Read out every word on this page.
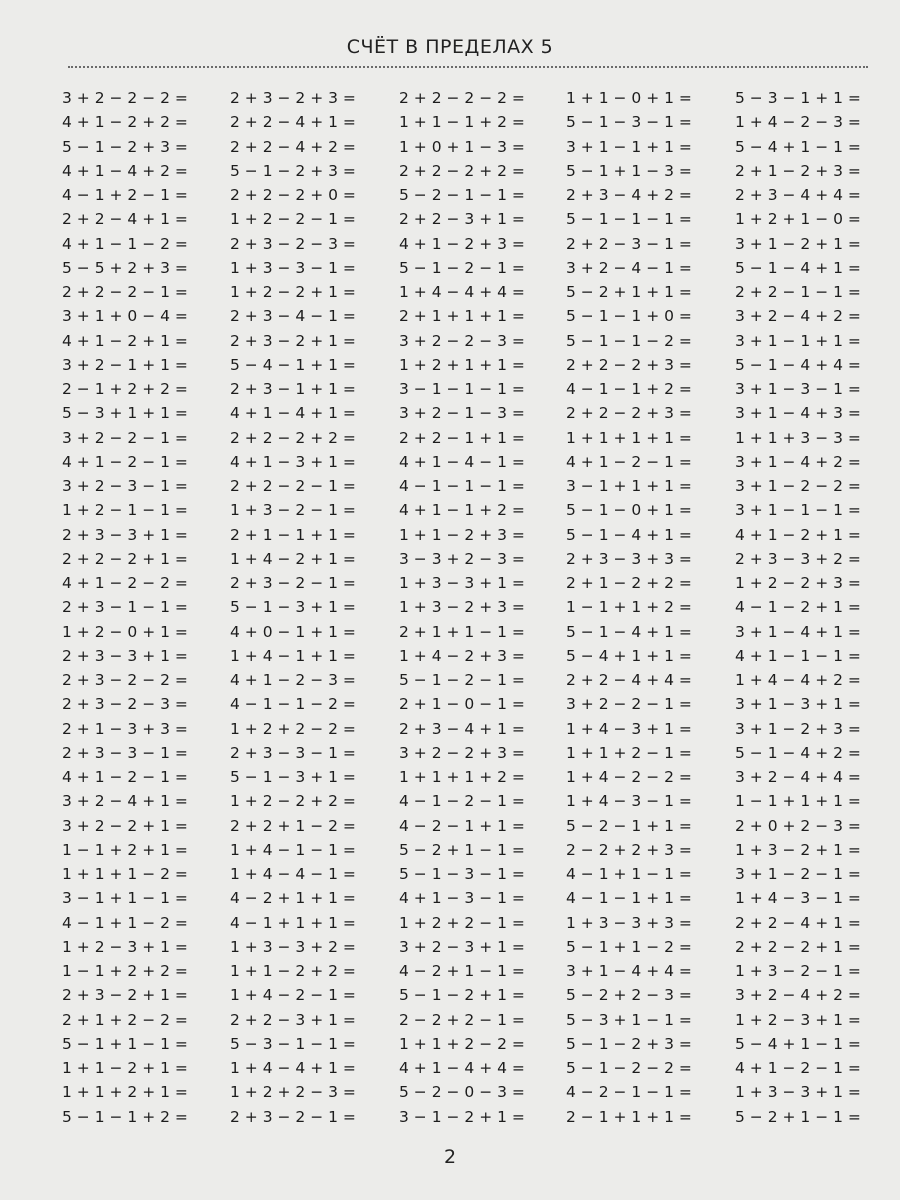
СЧЁТ В ПРЕДЕЛАХ 5
3 + 2 − 2 − 2 =
4 + 1 − 2 + 2 =
5 − 1 − 2 + 3 =
4 + 1 − 4 + 2 =
4 − 1 + 2 − 1 =
2 + 2 − 4 + 1 =
4 + 1 − 1 − 2 =
5 − 5 + 2 + 3 =
2 + 2 − 2 − 1 =
3 + 1 + 0 − 4 =
4 + 1 − 2 + 1 =
3 + 2 − 1 + 1 =
2 − 1 + 2 + 2 =
5 − 3 + 1 + 1 =
3 + 2 − 2 − 1 =
4 + 1 − 2 − 1 =
3 + 2 − 3 − 1 =
1 + 2 − 1 − 1 =
2 + 3 − 3 + 1 =
2 + 2 − 2 + 1 =
4 + 1 − 2 − 2 =
2 + 3 − 1 − 1 =
1 + 2 − 0 + 1 =
2 + 3 − 3 + 1 =
2 + 3 − 2 − 2 =
2 + 3 − 2 − 3 =
2 + 1 − 3 + 3 =
2 + 3 − 3 − 1 =
4 + 1 − 2 − 1 =
3 + 2 − 4 + 1 =
3 + 2 − 2 + 1 =
1 − 1 + 2 + 1 =
1 + 1 + 1 − 2 =
3 − 1 + 1 − 1 =
4 − 1 + 1 − 2 =
1 + 2 − 3 + 1 =
1 − 1 + 2 + 2 =
2 + 3 − 2 + 1 =
2 + 1 + 2 − 2 =
5 − 1 + 1 − 1 =
1 + 1 − 2 + 1 =
1 + 1 + 2 + 1 =
5 − 1 − 1 + 2 =
2 + 3 − 2 + 3 =
2 + 2 − 4 + 1 =
2 + 2 − 4 + 2 =
5 − 1 − 2 + 3 =
2 + 2 − 2 + 0 =
1 + 2 − 2 − 1 =
2 + 3 − 2 − 3 =
1 + 3 − 3 − 1 =
1 + 2 − 2 + 1 =
2 + 3 − 4 − 1 =
2 + 3 − 2 + 1 =
5 − 4 − 1 + 1 =
2 + 3 − 1 + 1 =
4 + 1 − 4 + 1 =
2 + 2 − 2 + 2 =
4 + 1 − 3 + 1 =
2 + 2 − 2 − 1 =
1 + 3 − 2 − 1 =
2 + 1 − 1 + 1 =
1 + 4 − 2 + 1 =
2 + 3 − 2 − 1 =
5 − 1 − 3 + 1 =
4 + 0 − 1 + 1 =
1 + 4 − 1 + 1 =
4 + 1 − 2 − 3 =
4 − 1 − 1 − 2 =
1 + 2 + 2 − 2 =
2 + 3 − 3 − 1 =
5 − 1 − 3 + 1 =
1 + 2 − 2 + 2 =
2 + 2 + 1 − 2 =
1 + 4 − 1 − 1 =
1 + 4 − 4 − 1 =
4 − 2 + 1 + 1 =
4 − 1 + 1 + 1 =
1 + 3 − 3 + 2 =
1 + 1 − 2 + 2 =
1 + 4 − 2 − 1 =
2 + 2 − 3 + 1 =
5 − 3 − 1 − 1 =
1 + 4 − 4 + 1 =
1 + 2 + 2 − 3 =
2 + 3 − 2 − 1 =
2 + 2 − 2 − 2 =
1 + 1 − 1 + 2 =
1 + 0 + 1 − 3 =
2 + 2 − 2 + 2 =
5 − 2 − 1 − 1 =
2 + 2 − 3 + 1 =
4 + 1 − 2 + 3 =
5 − 1 − 2 − 1 =
1 + 4 − 4 + 4 =
2 + 1 + 1 + 1 =
3 + 2 − 2 − 3 =
1 + 2 + 1 + 1 =
3 − 1 − 1 − 1 =
3 + 2 − 1 − 3 =
2 + 2 − 1 + 1 =
4 + 1 − 4 − 1 =
4 − 1 − 1 − 1 =
4 + 1 − 1 + 2 =
1 + 1 − 2 + 3 =
3 − 3 + 2 − 3 =
1 + 3 − 3 + 1 =
1 + 3 − 2 + 3 =
2 + 1 + 1 − 1 =
1 + 4 − 2 + 3 =
5 − 1 − 2 − 1 =
2 + 1 − 0 − 1 =
2 + 3 − 4 + 1 =
3 + 2 − 2 + 3 =
1 + 1 + 1 + 2 =
4 − 1 − 2 − 1 =
4 − 2 − 1 + 1 =
5 − 2 + 1 − 1 =
5 − 1 − 3 − 1 =
4 + 1 − 3 − 1 =
1 + 2 + 2 − 1 =
3 + 2 − 3 + 1 =
4 − 2 + 1 − 1 =
5 − 1 − 2 + 1 =
2 − 2 + 2 − 1 =
1 + 1 + 2 − 2 =
4 + 1 − 4 + 4 =
5 − 2 − 0 − 3 =
3 − 1 − 2 + 1 =
1 + 1 − 0 + 1 =
5 − 1 − 3 − 1 =
3 + 1 − 1 + 1 =
5 − 1 + 1 − 3 =
2 + 3 − 4 + 2 =
5 − 1 − 1 − 1 =
2 + 2 − 3 − 1 =
3 + 2 − 4 − 1 =
5 − 2 + 1 + 1 =
5 − 1 − 1 + 0 =
5 − 1 − 1 − 2 =
2 + 2 − 2 + 3 =
4 − 1 − 1 + 2 =
2 + 2 − 2 + 3 =
1 + 1 + 1 + 1 =
4 + 1 − 2 − 1 =
3 − 1 + 1 + 1 =
5 − 1 − 0 + 1 =
5 − 1 − 4 + 1 =
2 + 3 − 3 + 3 =
2 + 1 − 2 + 2 =
1 − 1 + 1 + 2 =
5 − 1 − 4 + 1 =
5 − 4 + 1 + 1 =
2 + 2 − 4 + 4 =
3 + 2 − 2 − 1 =
1 + 4 − 3 + 1 =
1 + 1 + 2 − 1 =
1 + 4 − 2 − 2 =
1 + 4 − 3 − 1 =
5 − 2 − 1 + 1 =
2 − 2 + 2 + 3 =
4 − 1 + 1 − 1 =
4 − 1 − 1 + 1 =
1 + 3 − 3 + 3 =
5 − 1 + 1 − 2 =
3 + 1 − 4 + 4 =
5 − 2 + 2 − 3 =
5 − 3 + 1 − 1 =
5 − 1 − 2 + 3 =
5 − 1 − 2 − 2 =
4 − 2 − 1 − 1 =
2 − 1 + 1 + 1 =
5 − 3 − 1 + 1 =
1 + 4 − 2 − 3 =
5 − 4 + 1 − 1 =
2 + 1 − 2 + 3 =
2 + 3 − 4 + 4 =
1 + 2 + 1 − 0 =
3 + 1 − 2 + 1 =
5 − 1 − 4 + 1 =
2 + 2 − 1 − 1 =
3 + 2 − 4 + 2 =
3 + 1 − 1 + 1 =
5 − 1 − 4 + 4 =
3 + 1 − 3 − 1 =
3 + 1 − 4 + 3 =
1 + 1 + 3 − 3 =
3 + 1 − 4 + 2 =
3 + 1 − 2 − 2 =
3 + 1 − 1 − 1 =
4 + 1 − 2 + 1 =
2 + 3 − 3 + 2 =
1 + 2 − 2 + 3 =
4 − 1 − 2 + 1 =
3 + 1 − 4 + 1 =
4 + 1 − 1 − 1 =
1 + 4 − 4 + 2 =
3 + 1 − 3 + 1 =
3 + 1 − 2 + 3 =
5 − 1 − 4 + 2 =
3 + 2 − 4 + 4 =
1 − 1 + 1 + 1 =
2 + 0 + 2 − 3 =
1 + 3 − 2 + 1 =
3 + 1 − 2 − 1 =
1 + 4 − 3 − 1 =
2 + 2 − 4 + 1 =
2 + 2 − 2 + 1 =
1 + 3 − 2 − 1 =
3 + 2 − 4 + 2 =
1 + 2 − 3 + 1 =
5 − 4 + 1 − 1 =
4 + 1 − 2 − 1 =
1 + 3 − 3 + 1 =
5 − 2 + 1 − 1 =
2
